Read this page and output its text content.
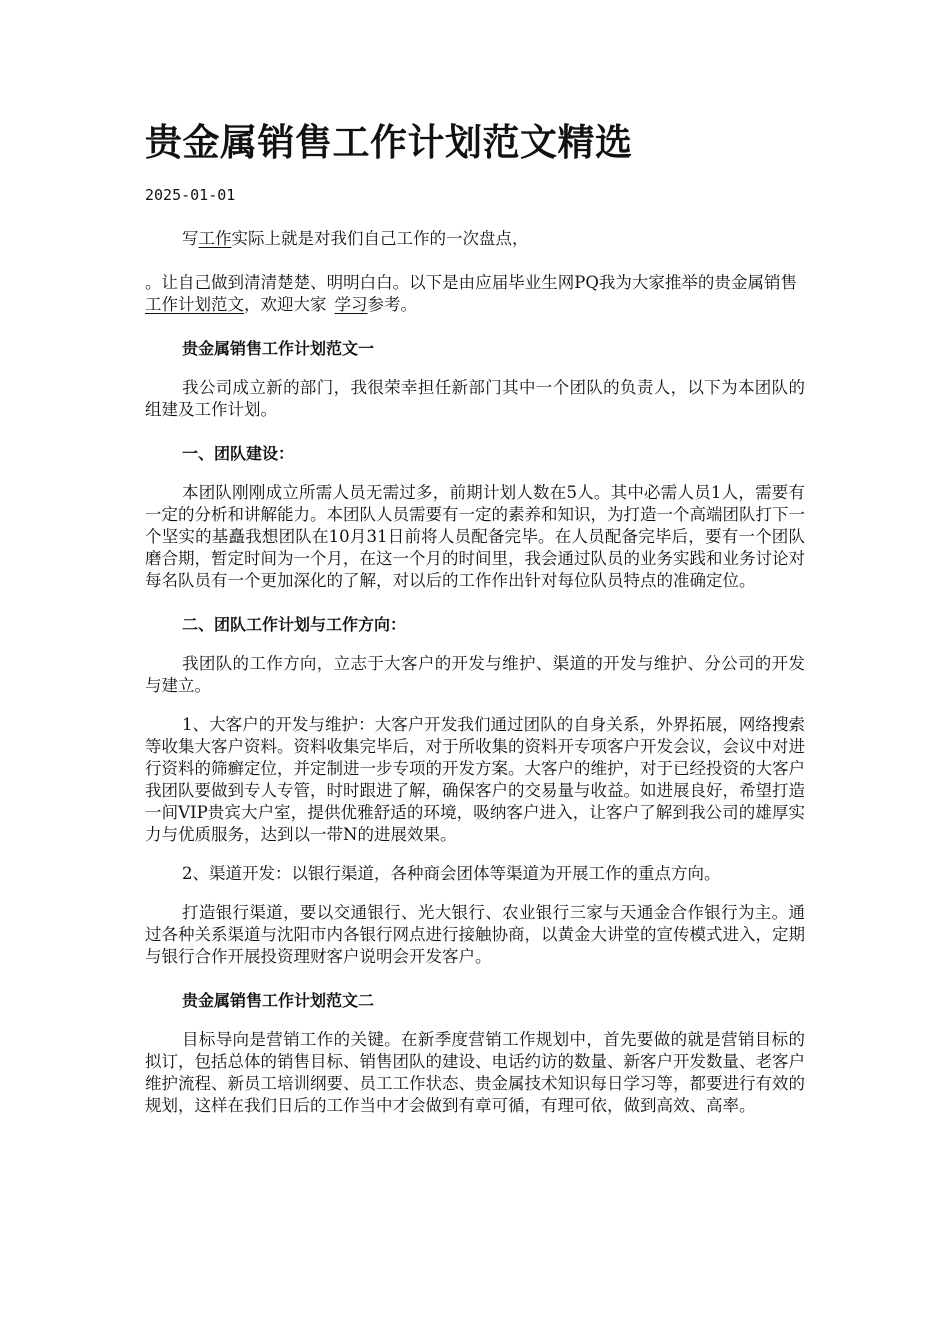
贵金属销售工作计划范文精选
2025-01-01

写工作实际上就是对我们自己工作的一次盘点，

。让自己做到清清楚楚、明明白白。以下是由应届毕业生网PQ我为大家推举的贵金属销售工作计划范文，欢迎大家 学习参考。

贵金属销售工作计划范文一

我公司成立新的部门，我很荣幸担任新部门其中一个团队的负责人，以下为本团队的组建及工作计划。

一、团队建设：

本团队刚刚成立所需人员无需过多，前期计划人数在5人。其中必需人员1人，需要有一定的分析和讲解能力。本团队人员需要有一定的素养和知识，为打造一个高端团队打下一个坚实的基矗我想团队在10月31日前将人员配备完毕。在人员配备完毕后，要有一个团队磨合期，暂定时间为一个月，在这一个月的时间里，我会通过队员的业务实践和业务讨论对每名队员有一个更加深化的了解，对以后的工作作出针对每位队员特点的准确定位。

二、团队工作计划与工作方向：

我团队的工作方向，立志于大客户的开发与维护、渠道的开发与维护、分公司的开发与建立。

1、大客户的开发与维护：大客户开发我们通过团队的自身关系，外界拓展，网络搜索等收集大客户资料。资料收集完毕后，对于所收集的资料开专项客户开发会议，会议中对进行资料的筛癣定位，并定制进一步专项的开发方案。大客户的维护，对于已经投资的大客户我团队要做到专人专管，时时跟进了解，确保客户的交易量与收益。如进展良好，希望打造一间VIP贵宾大户室，提供优雅舒适的环境，吸纳客户进入，让客户了解到我公司的雄厚实力与优质服务，达到以一带N的进展效果。

2、渠道开发：以银行渠道，各种商会团体等渠道为开展工作的重点方向。

打造银行渠道，要以交通银行、光大银行、农业银行三家与天通金合作银行为主。通过各种关系渠道与沈阳市内各银行网点进行接触协商，以黄金大讲堂的宣传模式进入，定期与银行合作开展投资理财客户说明会开发客户。

贵金属销售工作计划范文二

目标导向是营销工作的关键。在新季度营销工作规划中，首先要做的就是营销目标的拟订，包括总体的销售目标、销售团队的建设、电话约访的数量、新客户开发数量、老客户维护流程、新员工培训纲要、员工工作状态、贵金属技术知识每日学习等，都要进行有效的规划，这样在我们日后的工作当中才会做到有章可循，有理可依，做到高效、高率。
